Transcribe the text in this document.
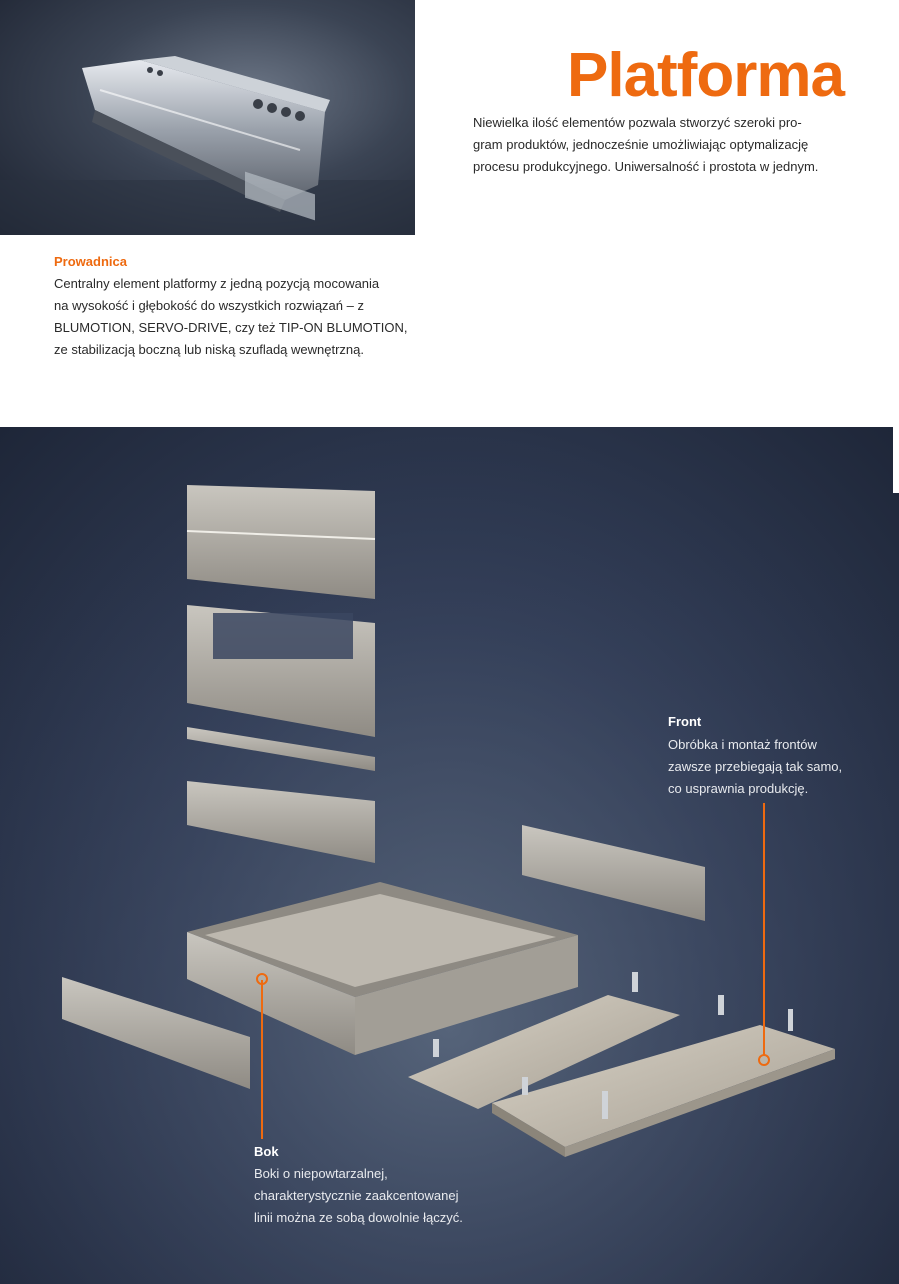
Platforma
Niewielka ilość elementów pozwala stworzyć szeroki pro-
gram produktów, jednocześnie umożliwiając optymalizację
procesu produkcyjnego. Uniwersalność i prostota w jednym.
Prowadnica
Centralny element platformy z jedną pozycją mocowania
na wysokość i głębokość do wszystkich rozwiązań – z
BLUMOTION, SERVO-DRIVE, czy też TIP-ON BLUMOTION,
ze stabilizacją boczną lub niską szufladą wewnętrzną.
Front
Obróbka i montaż frontów
zawsze przebiegają tak samo,
co usprawnia produkcję.
Bok
Boki o niepowtarzalnej,
charakterystycznie zaakcentowanej
linii można ze sobą dowolnie łączyć.
